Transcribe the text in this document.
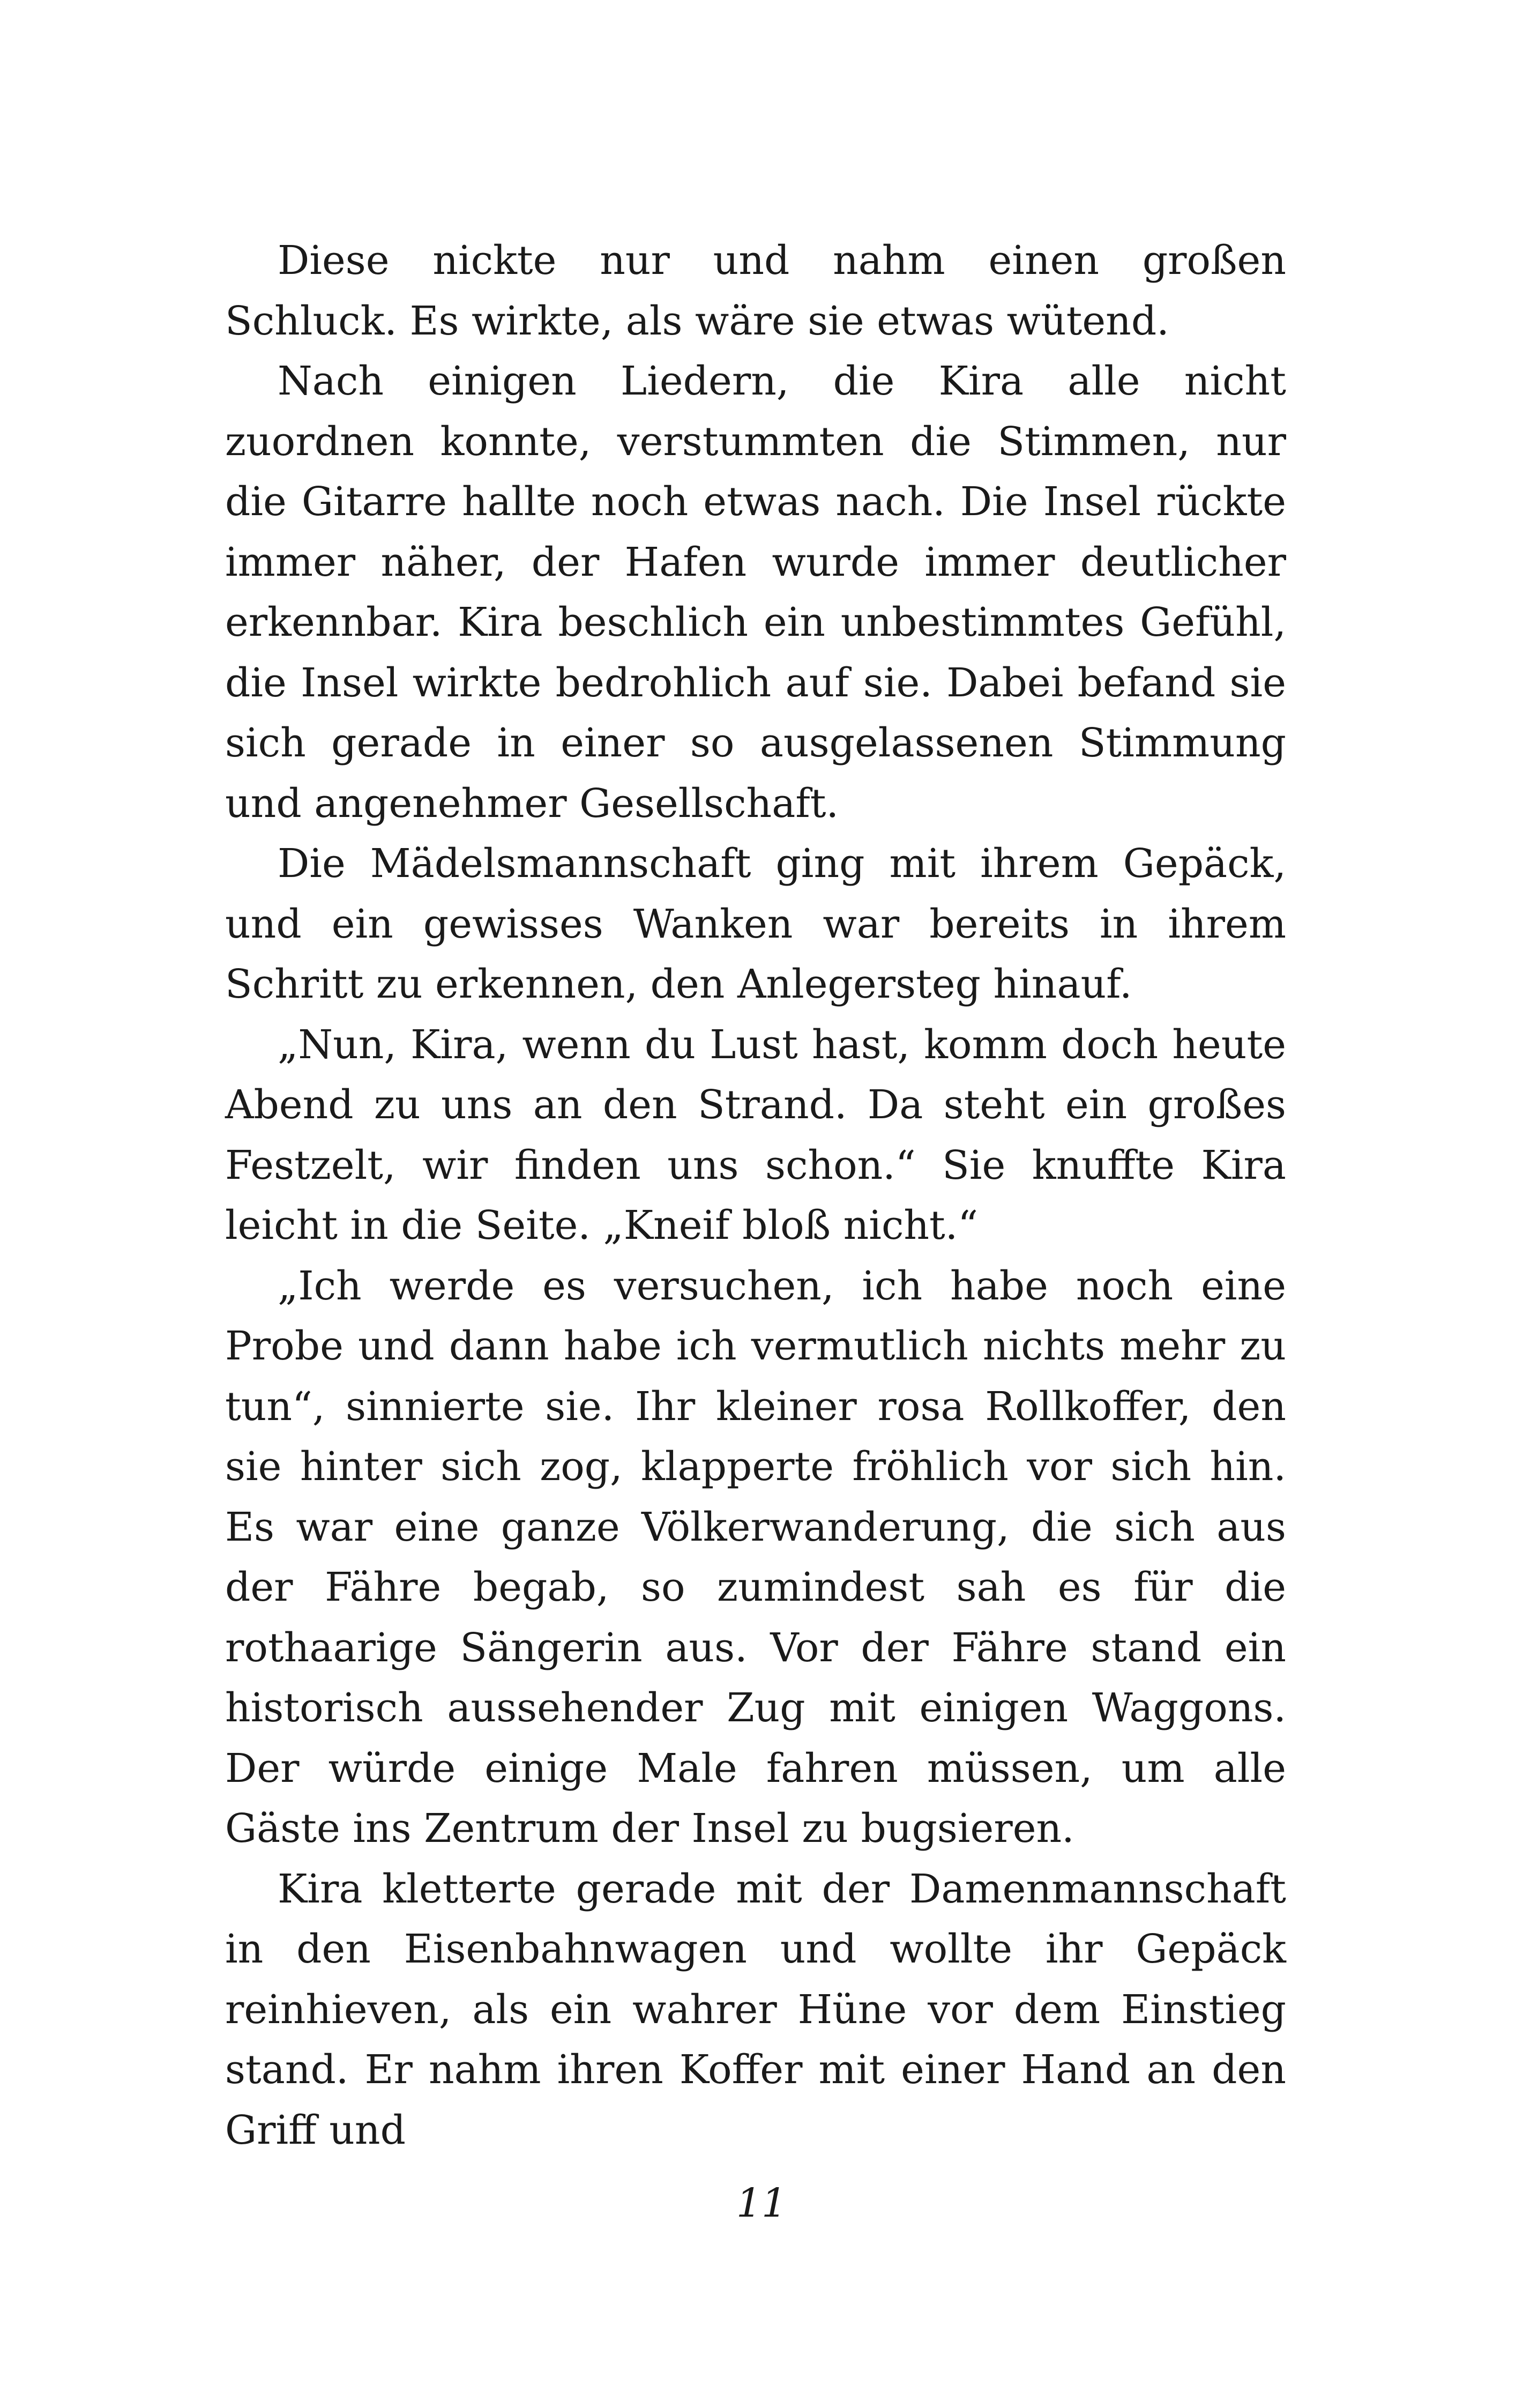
Diese nickte nur und nahm einen großen Schluck. Es wirkte, als wäre sie etwas wütend.

Nach einigen Liedern, die Kira alle nicht zuordnen konnte, verstummten die Stimmen, nur die Gitarre hallte noch etwas nach. Die Insel rückte immer näher, der Hafen wurde immer deutlicher erkennbar. Kira beschlich ein unbestimmtes Gefühl, die Insel wirkte bedrohlich auf sie. Dabei befand sie sich gerade in einer so ausgelassenen Stimmung und angenehmer Gesellschaft.

Die Mädelsmannschaft ging mit ihrem Gepäck, und ein gewisses Wanken war bereits in ihrem Schritt zu erkennen, den Anlegersteg hinauf.

„Nun, Kira, wenn du Lust hast, komm doch heute Abend zu uns an den Strand. Da steht ein großes Festzelt, wir finden uns schon.“ Sie knuffte Kira leicht in die Seite. „Kneif bloß nicht.“

„Ich werde es versuchen, ich habe noch eine Probe und dann habe ich vermutlich nichts mehr zu tun“, sinnierte sie. Ihr kleiner rosa Rollkoffer, den sie hinter sich zog, klapperte fröhlich vor sich hin. Es war eine ganze Völkerwanderung, die sich aus der Fähre begab, so zumindest sah es für die rothaarige Sängerin aus. Vor der Fähre stand ein historisch aussehender Zug mit einigen Waggons. Der würde einige Male fahren müssen, um alle Gäste ins Zentrum der Insel zu bugsieren.

Kira kletterte gerade mit der Damenmannschaft in den Eisenbahnwagen und wollte ihr Gepäck reinhieven, als ein wahrer Hüne vor dem Einstieg stand. Er nahm ihren Koffer mit einer Hand an den Griff und

11
